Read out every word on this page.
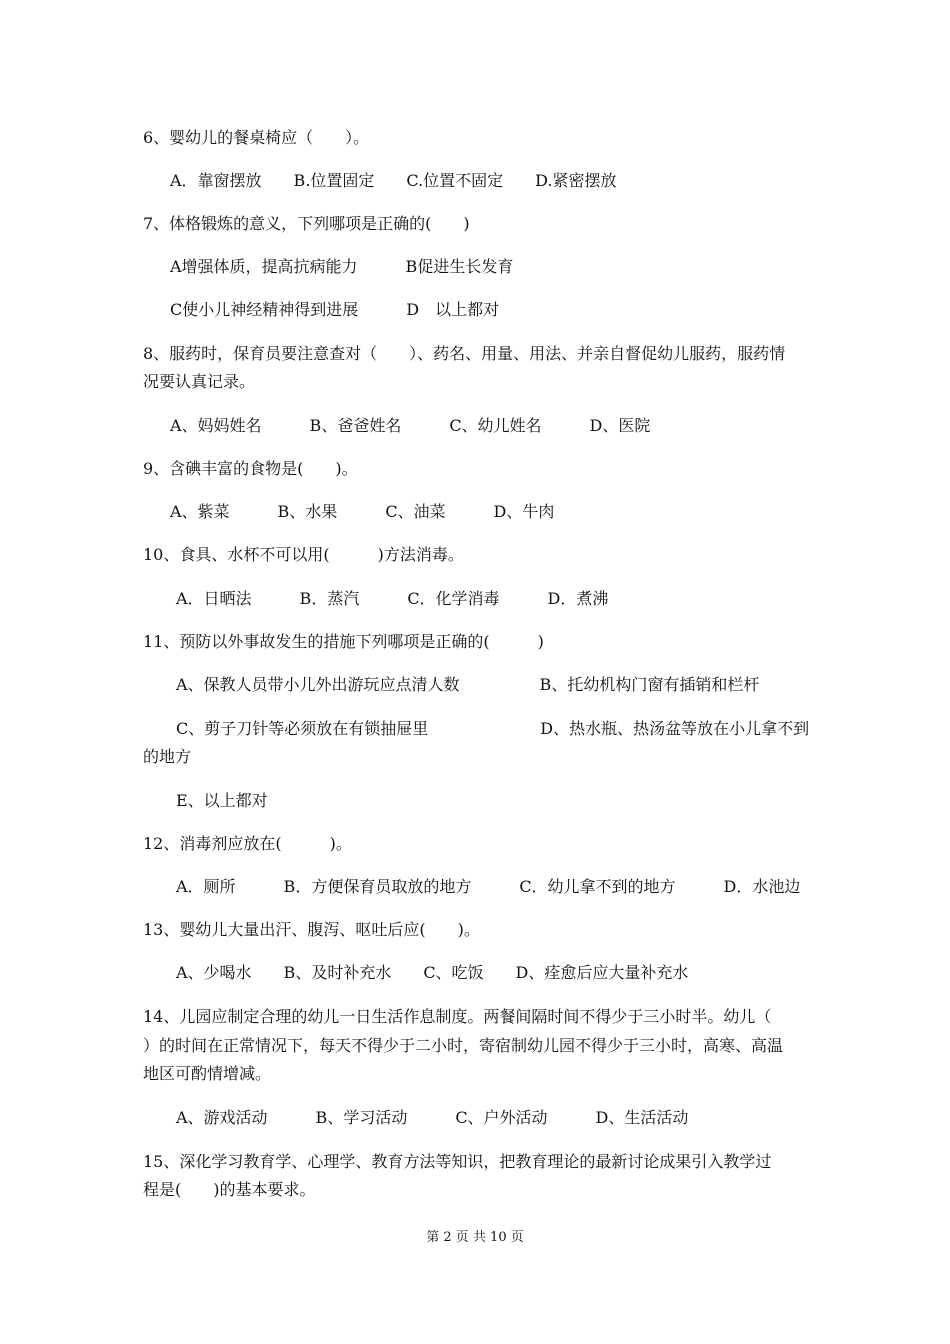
6、婴幼儿的餐桌椅应（　　）。
A．靠窗摆放　　B.位置固定　　C.位置不固定　　D.紧密摆放
7、体格锻炼的意义，下列哪项是正确的(　　)
A增强体质，提高抗病能力　　　B促进生长发育
C使小儿神经精神得到进展　　　D　以上都对
8、服药时，保育员要注意查对（　　）、药名、用量、用法、并亲自督促幼儿服药，服药情
况要认真记录。
A、妈妈姓名　　　B、爸爸姓名　　　C、幼儿姓名　　　D、医院
9、含碘丰富的食物是(　　)。
A、紫菜　　　B、水果　　　C、油菜　　　D、牛肉
10、食具、水杯不可以用(　　　)方法消毒。
A．日晒法　　　B．蒸汽　　　C．化学消毒　　　D．煮沸
11、预防以外事故发生的措施下列哪项是正确的(　　　)
A、保教人员带小儿外出游玩应点清人数　　　　　B、托幼机构门窗有插销和栏杆
C、剪子刀针等必须放在有锁抽屉里　　　　　　　D、热水瓶、热汤盆等放在小儿拿不到
的地方
E、以上都对
12、消毒剂应放在(　　　)。
A．厕所　　　B．方便保育员取放的地方　　　C．幼儿拿不到的地方　　　D．水池边
13、婴幼儿大量出汗、腹泻、呕吐后应(　　)。
A、少喝水　　B、及时补充水　　C、吃饭　　D、痊愈后应大量补充水
14、儿园应制定合理的幼儿一日生活作息制度。两餐间隔时间不得少于三小时半。幼儿（
）的时间在正常情况下，每天不得少于二小时，寄宿制幼儿园不得少于三小时，高寒、高温
地区可酌情增减。
A、游戏活动　　　B、学习活动　　　C、户外活动　　　D、生活活动
15、深化学习教育学、心理学、教育方法等知识，把教育理论的最新讨论成果引入教学过
程是(　　)的基本要求。
第 2 页 共 10 页
